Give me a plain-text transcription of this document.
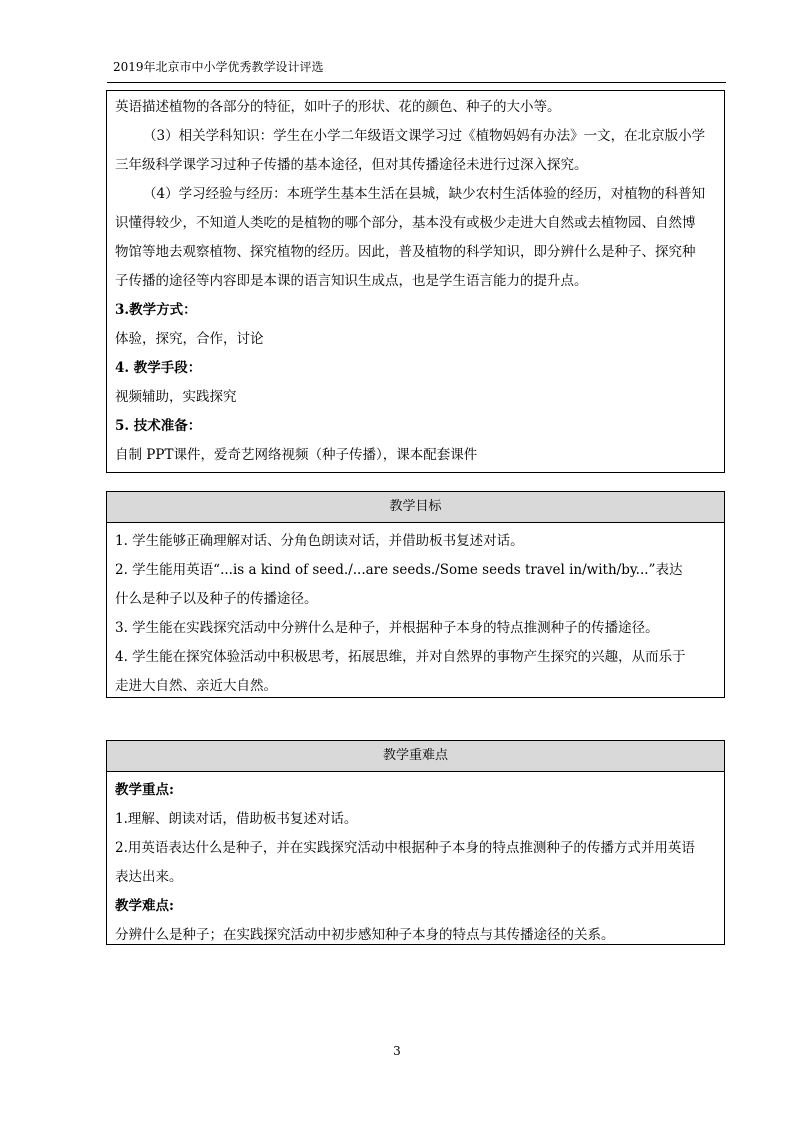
2019年北京市中小学优秀教学设计评选
英语描述植物的各部分的特征，如叶子的形状、花的颜色、种子的大小等。
（3）相关学科知识：学生在小学二年级语文课学习过《植物妈妈有办法》一文，在北京版小学
三年级科学课学习过种子传播的基本途径，但对其传播途径未进行过深入探究。
（4）学习经验与经历：本班学生基本生活在县城，缺少农村生活体验的经历，对植物的科普知
识懂得较少，不知道人类吃的是植物的哪个部分，基本没有或极少走进大自然或去植物园、自然博
物馆等地去观察植物、探究植物的经历。因此，普及植物的科学知识，即分辨什么是种子、探究种
子传播的途径等内容即是本课的语言知识生成点，也是学生语言能力的提升点。
3.教学方式：
体验，探究，合作，讨论
4. 教学手段：
视频辅助，实践探究
5. 技术准备：
自制 PPT课件，爱奇艺网络视频（种子传播），课本配套课件
教学目标
1. 学生能够正确理解对话、分角色朗读对话，并借助板书复述对话。
2. 学生能用英语“...is a kind of seed./...are seeds./Some seeds travel in/with/by...”表达
什么是种子以及种子的传播途径。
3. 学生能在实践探究活动中分辨什么是种子，并根据种子本身的特点推测种子的传播途径。
4. 学生能在探究体验活动中积极思考，拓展思维，并对自然界的事物产生探究的兴趣，从而乐于
走进大自然、亲近大自然。
教学重难点
教学重点:
1.理解、朗读对话，借助板书复述对话。
2.用英语表达什么是种子，并在实践探究活动中根据种子本身的特点推测种子的传播方式并用英语
表达出来。
教学难点:
分辨什么是种子；在实践探究活动中初步感知种子本身的特点与其传播途径的关系。
3
